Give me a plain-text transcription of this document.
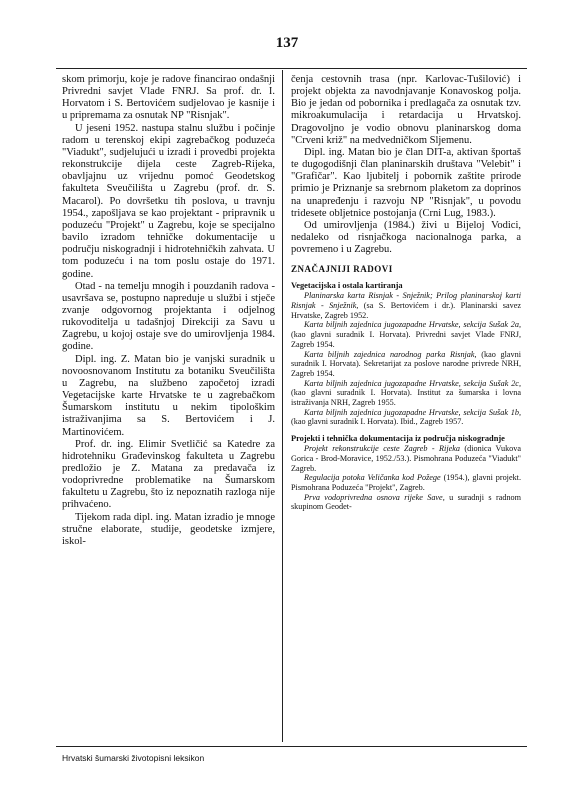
137

skom primorju, koje je radove financirao ondašnji Privredni savjet Vlade FNRJ. Sa prof. dr. I. Horvatom i S. Bertovićem sudjelovao je kasnije i u pripremama za osnutak NP "Risnjak".

U jeseni 1952. nastupa stalnu službu i počinje radom u terenskoj ekipi zagrebačkog poduzeća "Viadukt", sudjelujući u izradi i provedbi projekta rekonstrukcije dijela ceste Zagreb-Rijeka, obavljajnu uz vrijednu pomoć Geodetskog fakulteta Sveučilišta u Zagrebu (prof. dr. S. Macarol). Po dovršetku tih poslova, u travnju 1954., zapošljava se kao projektant - pripravnik u poduzeću "Projekt" u Zagrebu, koje se specijalno bavilo izradom tehničke dokumentacije u području niskogradnji i hidrotehničkih zahvata. U tom poduzeću i na tom poslu ostaje do 1971. godine.

Otad - na temelju mnogih i pouzdanih radova - usavršava se, postupno napreduje u službi i stječe zvanje odgovornog projektanta i odjelnog rukovoditelja u tadašnjoj Direkciji za Savu u Zagrebu, u kojoj ostaje sve do umirovljenja 1984. godine.

Dipl. ing. Z. Matan bio je vanjski suradnik u novoosnovanom Institutu za botaniku Sveučilišta u Zagrebu, na službeno započetoj izradi Vegetacijske karte Hrvatske te u zagrebačkom Šumarskom institutu u nekim tipološkim istraživanjima sa S. Bertovićem i J. Martinovićem.

Prof. dr. ing. Elimir Svetličić sa Katedre za hidrotehniku Građevinskog fakulteta u Zagrebu predložio je Z. Matana za predavača iz vodoprivredne problematike na Šumarskom fakultetu u Zagrebu, što iz nepoznatih razloga nije prihvaćeno.

Tijekom rada dipl. ing. Matan izradio je mnoge stručne elaborate, studije, geodetske izmjere, iskol-

čenja cestovnih trasa (npr. Karlovac-Tušilović) i projekt objekta za navodnjavanje Konavoskog polja. Bio je jedan od pobornika i predlagača za osnutak tzv. mikroakumulacija i retardacija u Hrvatskoj. Dragovoljno je vodio obnovu planinarskog doma "Crveni križ" na medvedničkom Sljemenu.

Dipl. ing. Matan bio je član DIT-a, aktivan športaš te dugogodišnji član planinarskih društava "Velebit" i "Grafičar". Kao ljubitelj i pobornik zaštite prirode primio je Priznanje sa srebrnom plaketom za doprinos na unapređenju i razvoju NP "Risnjak", u povodu tridesete obljetnice postojanja (Crni Lug, 1983.).

Od umirovljenja (1984.) živi u Bijeloj Vodici, nedaleko od risnjačkoga nacionalnoga parka, a povremeno i u Zagrebu.

ZNAČAJNIJI RADOVI

Vegetacijska i ostala kartiranja

Planinarska karta Risnjak - Snježnik; Prilog planinarskoj karti Risnjak - Snježnik, (sa S. Bertovićem i dr.). Planinarski savez Hrvatske, Zagreb 1952.

Karta biljnih zajednica jugozapadne Hrvatske, sekcija Sušak 2a, (kao glavni suradnik I. Horvata). Privredni savjet Vlade FNRJ, Zagreb 1954.

Karta biljnih zajednica narodnog parka Risnjak, (kao glavni suradnik I. Horvata). Sekretarijat za poslove narodne privrede NRH, Zagreb 1954.

Karta biljnih zajednica jugozapadne Hrvatske, sekcija Sušak 2c, (kao glavni suradnik I. Horvata). Institut za šumarska i lovna istraživanja NRH, Zagreb 1955.

Karta biljnih zajednica jugozapadne Hrvatske, sekcija Sušak 1b, (kao glavni suradnik I. Horvata). Ibid., Zagreb 1957.

Projekti i tehnička dokumentacija iz područja niskogradnje

Projekt rekonstrukcije ceste Zagreb - Rijeka (dionica Vukova Gorica - Brod-Moravice, 1952./53.). Pismohrana Poduzeća "Viadukt" Zagreb.

Regulacija potoka Veličanka kod Požege (1954.), glavni projekt. Pismohrana Poduzeća "Projekt", Zagreb.

Prva vodoprivredna osnova rijeke Save, u suradnji s radnom skupinom Geodet-

Hrvatski šumarski životopisni leksikon
